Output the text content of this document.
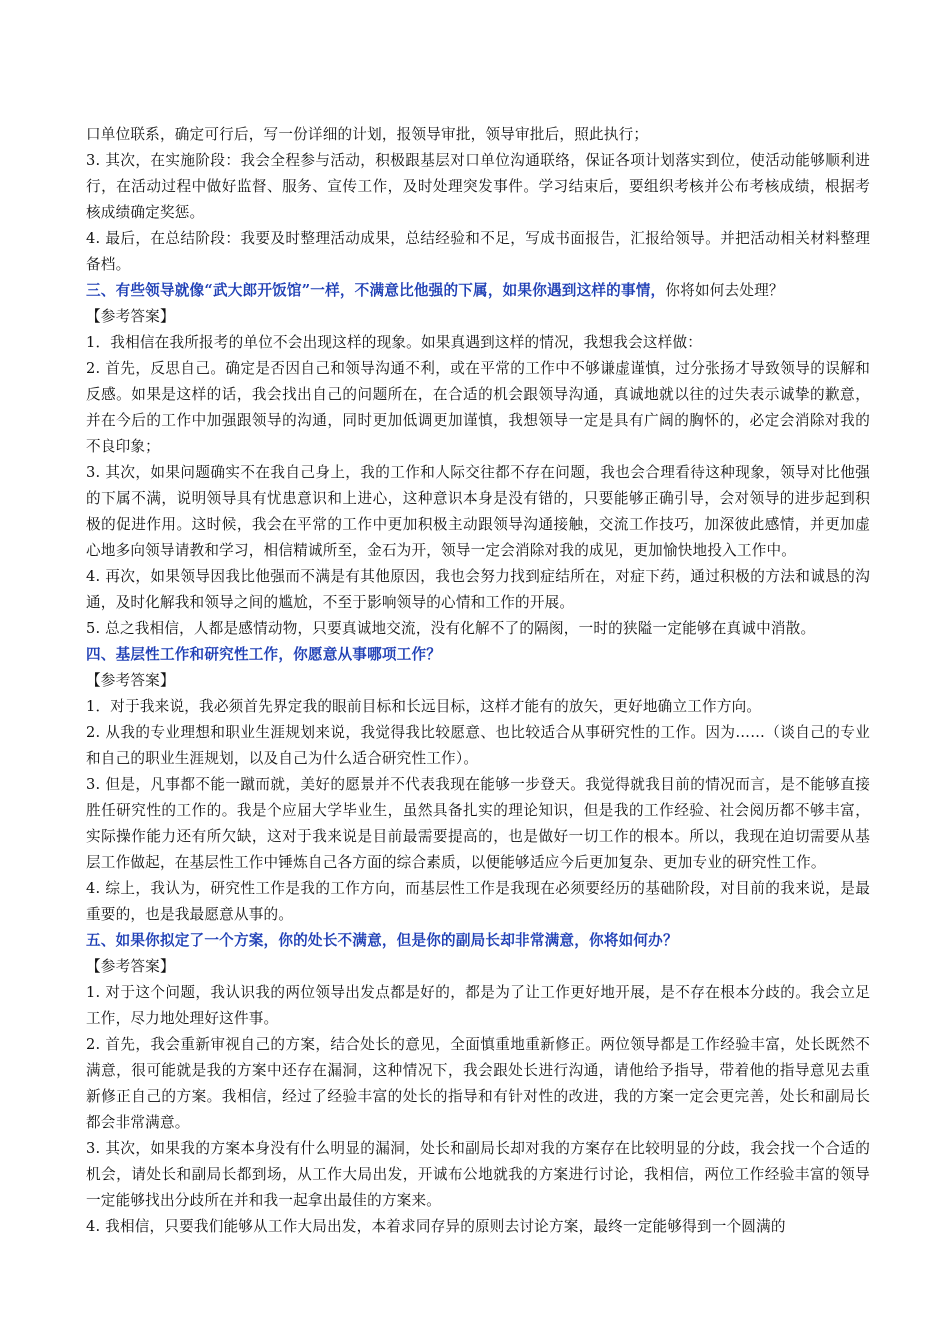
口单位联系，确定可行后，写一份详细的计划，报领导审批，领导审批后，照此执行；

3. 其次，在实施阶段：我会全程参与活动，积极跟基层对口单位沟通联络，保证各项计划落实到位，使活动能够顺利进行，在活动过程中做好监督、服务、宣传工作，及时处理突发事件。学习结束后，要组织考核并公布考核成绩，根据考核成绩确定奖惩。

4. 最后，在总结阶段：我要及时整理活动成果，总结经验和不足，写成书面报告，汇报给领导。并把活动相关材料整理备档。

三、有些领导就像“武大郎开饭馆”一样，不满意比他强的下属，如果你遇到这样的事情，你将如何去处理？

【参考答案】

1．我相信在我所报考的单位不会出现这样的现象。如果真遇到这样的情况，我想我会这样做：

2. 首先，反思自己。确定是否因自己和领导沟通不利，或在平常的工作中不够谦虚谨慎，过分张扬才导致领导的误解和反感。如果是这样的话，我会找出自己的问题所在，在合适的机会跟领导沟通，真诚地就以往的过失表示诚挚的歉意，并在今后的工作中加强跟领导的沟通，同时更加低调更加谨慎，我想领导一定是具有广阔的胸怀的，必定会消除对我的不良印象；

3. 其次，如果问题确实不在我自己身上，我的工作和人际交往都不存在问题，我也会合理看待这种现象，领导对比他强的下属不满，说明领导具有忧患意识和上进心，这种意识本身是没有错的，只要能够正确引导，会对领导的进步起到积极的促进作用。这时候，我会在平常的工作中更加积极主动跟领导沟通接触，交流工作技巧，加深彼此感情，并更加虚心地多向领导请教和学习，相信精诚所至，金石为开，领导一定会消除对我的成见，更加愉快地投入工作中。

4. 再次，如果领导因我比他强而不满是有其他原因，我也会努力找到症结所在，对症下药，通过积极的方法和诚恳的沟通，及时化解我和领导之间的尴尬，不至于影响领导的心情和工作的开展。

5. 总之我相信，人都是感情动物，只要真诚地交流，没有化解不了的隔阂，一时的狭隘一定能够在真诚中消散。

四、基层性工作和研究性工作，你愿意从事哪项工作？

【参考答案】

1．对于我来说，我必须首先界定我的眼前目标和长远目标，这样才能有的放矢，更好地确立工作方向。

2. 从我的专业理想和职业生涯规划来说，我觉得我比较愿意、也比较适合从事研究性的工作。因为……（谈自己的专业和自己的职业生涯规划，以及自己为什么适合研究性工作）。

3. 但是，凡事都不能一蹴而就，美好的愿景并不代表我现在能够一步登天。我觉得就我目前的情况而言，是不能够直接胜任研究性的工作的。我是个应届大学毕业生，虽然具备扎实的理论知识，但是我的工作经验、社会阅历都不够丰富，实际操作能力还有所欠缺，这对于我来说是目前最需要提高的，也是做好一切工作的根本。所以，我现在迫切需要从基层工作做起，在基层性工作中锤炼自己各方面的综合素质，以便能够适应今后更加复杂、更加专业的研究性工作。

4. 综上，我认为，研究性工作是我的工作方向，而基层性工作是我现在必须要经历的基础阶段，对目前的我来说，是最重要的，也是我最愿意从事的。

五、如果你拟定了一个方案，你的处长不满意，但是你的副局长却非常满意，你将如何办？

【参考答案】

1. 对于这个问题，我认识我的两位领导出发点都是好的，都是为了让工作更好地开展，是不存在根本分歧的。我会立足工作，尽力地处理好这件事。

2. 首先，我会重新审视自己的方案，结合处长的意见，全面慎重地重新修正。两位领导都是工作经验丰富，处长既然不满意，很可能就是我的方案中还存在漏洞，这种情况下，我会跟处长进行沟通，请他给予指导，带着他的指导意见去重新修正自己的方案。我相信，经过了经验丰富的处长的指导和有针对性的改进，我的方案一定会更完善，处长和副局长都会非常满意。

3. 其次，如果我的方案本身没有什么明显的漏洞，处长和副局长却对我的方案存在比较明显的分歧，我会找一个合适的机会，请处长和副局长都到场，从工作大局出发，开诚布公地就我的方案进行讨论，我相信，两位工作经验丰富的领导一定能够找出分歧所在并和我一起拿出最佳的方案来。

4. 我相信，只要我们能够从工作大局出发，本着求同存异的原则去讨论方案，最终一定能够得到一个圆满的
